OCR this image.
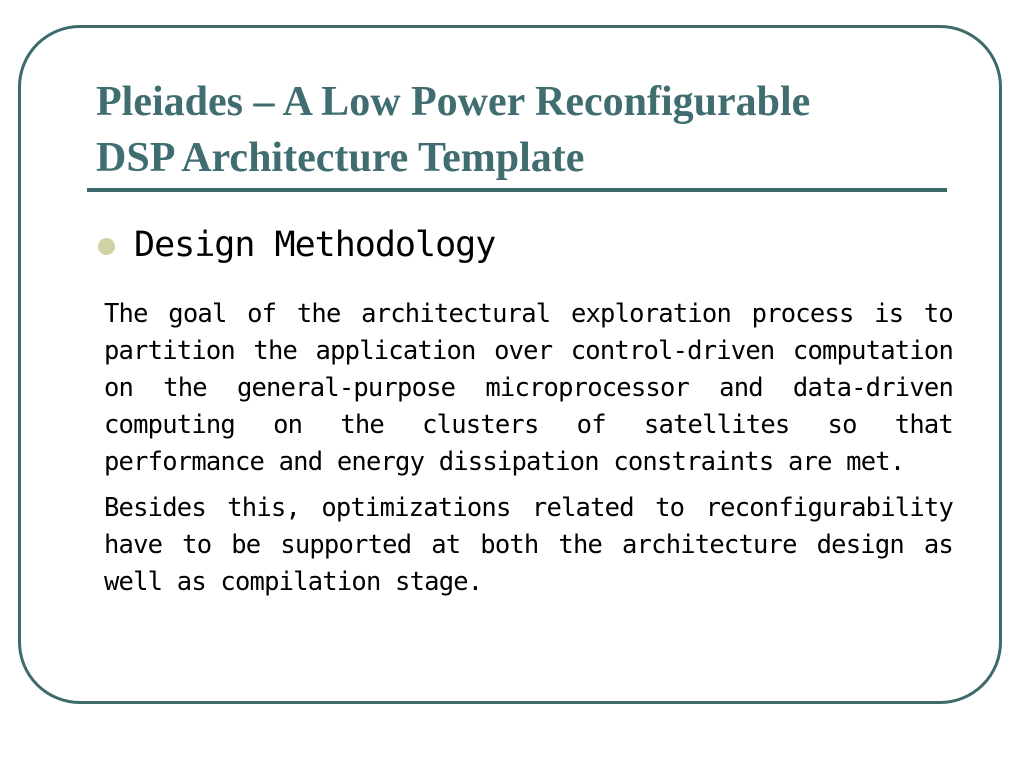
Pleiades – A Low Power Reconfigurable
DSP Architecture Template
Design Methodology

The goal of the architectural exploration process is to partition the application over control-driven computation on the general-purpose microprocessor and data-driven computing on the clusters of satellites so that performance and energy dissipation constraints are met.

Besides this, optimizations related to reconfigurability have to be supported at both the architecture design as well as compilation stage.
